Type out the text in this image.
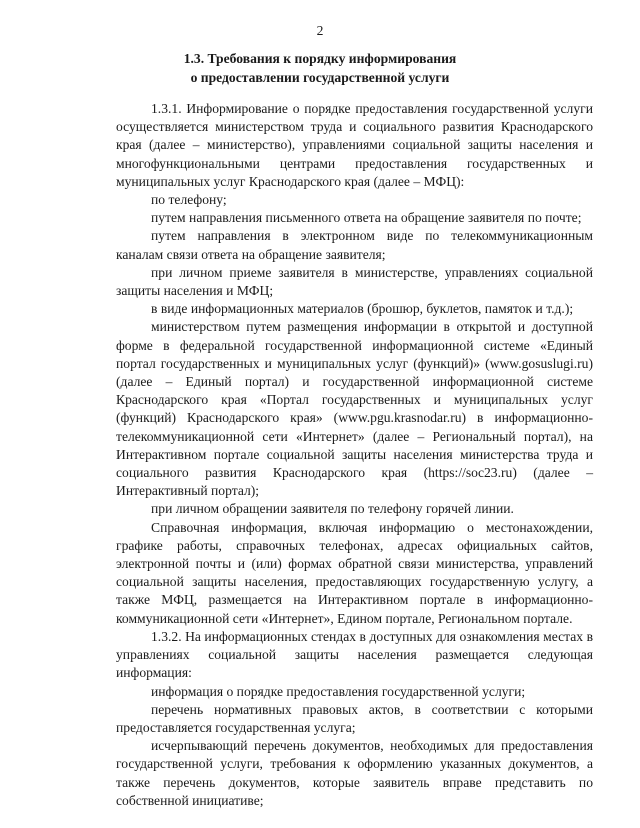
2
1.3. Требования к порядку информирования
о предоставлении государственной услуги

1.3.1. Информирование о порядке предоставления государственной услуги осуществляется министерством труда и социального развития Краснодарского края (далее – министерство), управлениями социальной защиты населения и многофункциональными центрами предоставления государственных и муниципальных услуг Краснодарского края (далее – МФЦ):

по телефону;

путем направления письменного ответа на обращение заявителя по почте;

путем направления в электронном виде по телекоммуникационным каналам связи ответа на обращение заявителя;

при личном приеме заявителя в министерстве, управлениях социальной защиты населения и МФЦ;

в виде информационных материалов (брошюр, буклетов, памяток и т.д.);

министерством путем размещения информации в открытой и доступной форме в федеральной государственной информационной системе «Единый портал государственных и муниципальных услуг (функций)» (www.gosuslugi.ru) (далее – Единый портал) и государственной информационной системе Краснодарского края «Портал государственных и муниципальных услуг (функций) Краснодарского края» (www.pgu.krasnodar.ru) в информационно-телекоммуникационной сети «Интернет» (далее – Региональный портал), на Интерактивном портале социальной защиты населения министерства труда и социального развития Краснодарского края (https://soc23.ru) (далее – Интерактивный портал);

при личном обращении заявителя по телефону горячей линии.

Справочная информация, включая информацию о местонахождении, графике работы, справочных телефонах, адресах официальных сайтов, электронной почты и (или) формах обратной связи министерства, управлений социальной защиты населения, предоставляющих государственную услугу, а также МФЦ, размещается на Интерактивном портале в информационно-коммуникационной сети «Интернет», Едином портале, Региональном портале.

1.3.2. На информационных стендах в доступных для ознакомления местах в управлениях социальной защиты населения размещается следующая информация:

информация о порядке предоставления государственной услуги;

перечень нормативных правовых актов, в соответствии с которыми предоставляется государственная услуга;

исчерпывающий перечень документов, необходимых для предоставления государственной услуги, требования к оформлению указанных документов, а также перечень документов, которые заявитель вправе представить по собственной инициативе;
